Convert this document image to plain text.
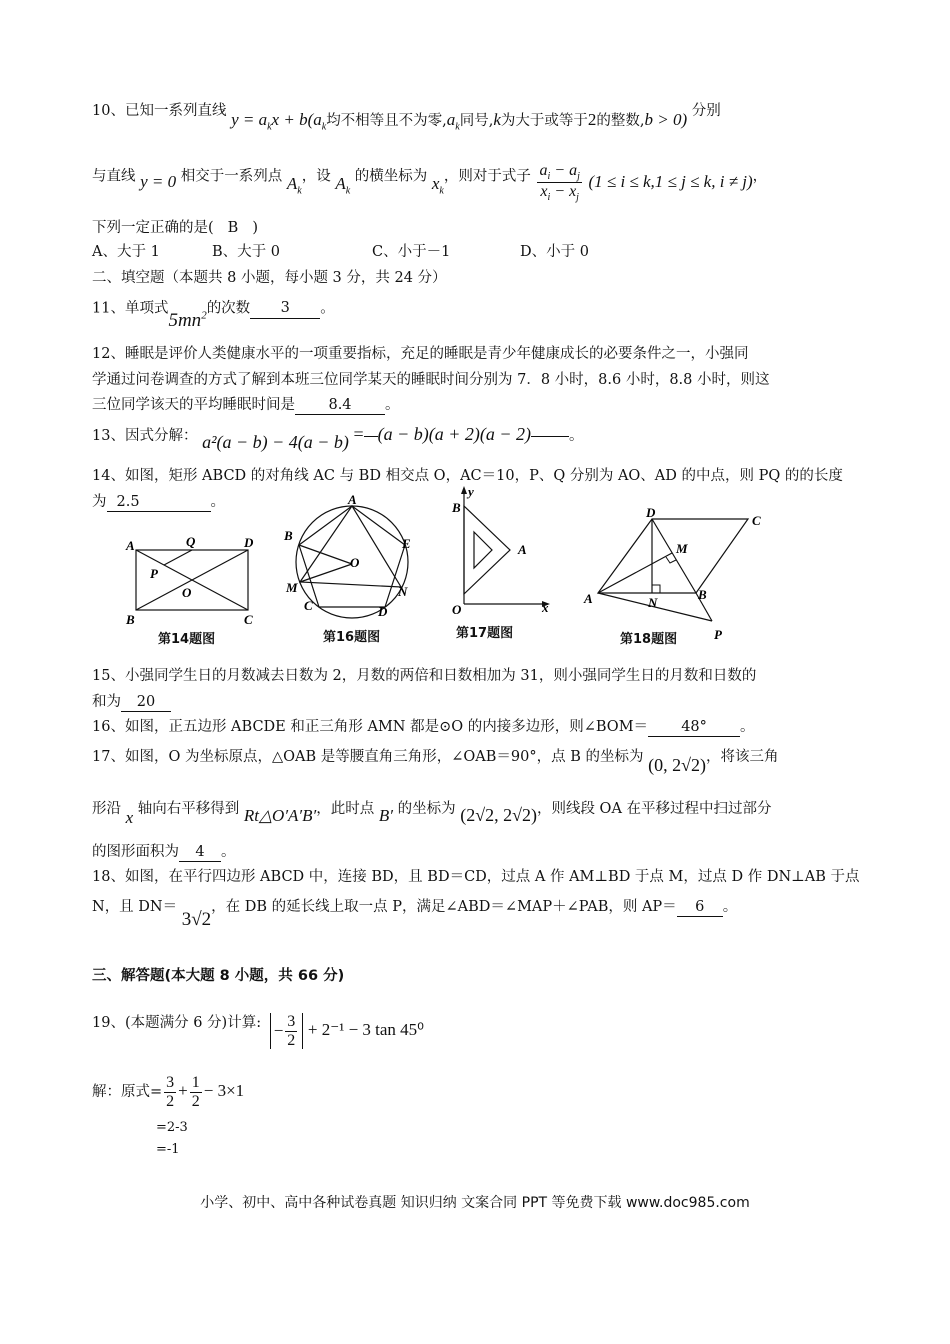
10、已知一系列直线 $y = a_kx + b(a_k$均不相等且不为零$,a_k$同号,k为大于或等于2的整数,b > 0) 分别
与直线 y = 0 相交于一系列点 $A_k$，设 $A_k$ 的横坐标为 $x_k$，则对于式子 $\frac{a_i - a_j}{x_i - x_j} (1 \le i \le k,1 \le j \le k$, i ≠ j)，
下列一定正确的是( B )
A、大于 1	B、大于 0	C、小于－1	D、小于 0
二、填空题（本题共 8 小题，每小题 3 分，共 24 分）
11、单项式$5mn^2$的次数 3 。
12、睡眠是评价人类健康水平的一项重要指标，充足的睡眠是青少年健康成长的必要条件之一，小强同
学通过问卷调查的方式了解到本班三位同学某天的睡眠时间分别为 7．8 小时，8.6 小时，8.8 小时，则这
三位同学该天的平均睡眠时间是 8.4 。
13、因式分解： a²(a − b) − 4(a − b) = (a − b)(a + 2)(a − 2)	。
14、如图，矩形 ABCD 的对角线 AC 与 BD 相交点 O，AC＝10，P、Q 分别为 AO、AD 的中点，则 PQ 的的长度
为 2.5	。
A	Q	D
P
O
B	C
第14题图
A
B
E
O
M	N
C	D
第16题图
y
B
A
O	x
第17题图
D
C
M
A	N
B
P
第18题图
15、小强同学生日的月数减去日数为 2，月数的两倍和日数相加为 31，则小强同学生日的月数和日数的
和为 20
16、如图，正五边形 ABCDE 和正三角形 AMN 都是⊙O 的内接多边形，则∠BOM＝ 48° 。
17、如图，O 为坐标原点，△OAB 是等腰直角三角形，∠OAB＝90°，点 B 的坐标为 (0, 2√2)，将该三角
形沿 x 轴向右平移得到 Rt△O′A′B′，此时点 B′ 的坐标为 (2√2, 2√2)，则线段 OA 在平移过程中扫过部分
的图形面积为 4 。
18、如图，在平行四边形 ABCD 中，连接 BD，且 BD＝CD，过点 A 作 AM⊥BD 于点 M，过点 D 作 DN⊥AB 于点
N，且 DN＝ 3√2，在 DB 的延长线上取一点 P，满足∠ABD＝∠MAP＋∠PAB，则 AP＝ 6 。
三、解答题(本大题 8 小题，共 66 分)
19、(本题满分 6 分)计算: − $\frac{3}{2} + 2^{-1} - 3$ tan 45⁰
解：原式= $\frac{3}{2} + \frac{1}{2} - 3\times 1$
=2-3
=-1
小学、初中、高中各种试卷真题 知识归纳 文案合同 PPT 等免费下载 www.doc985.com
